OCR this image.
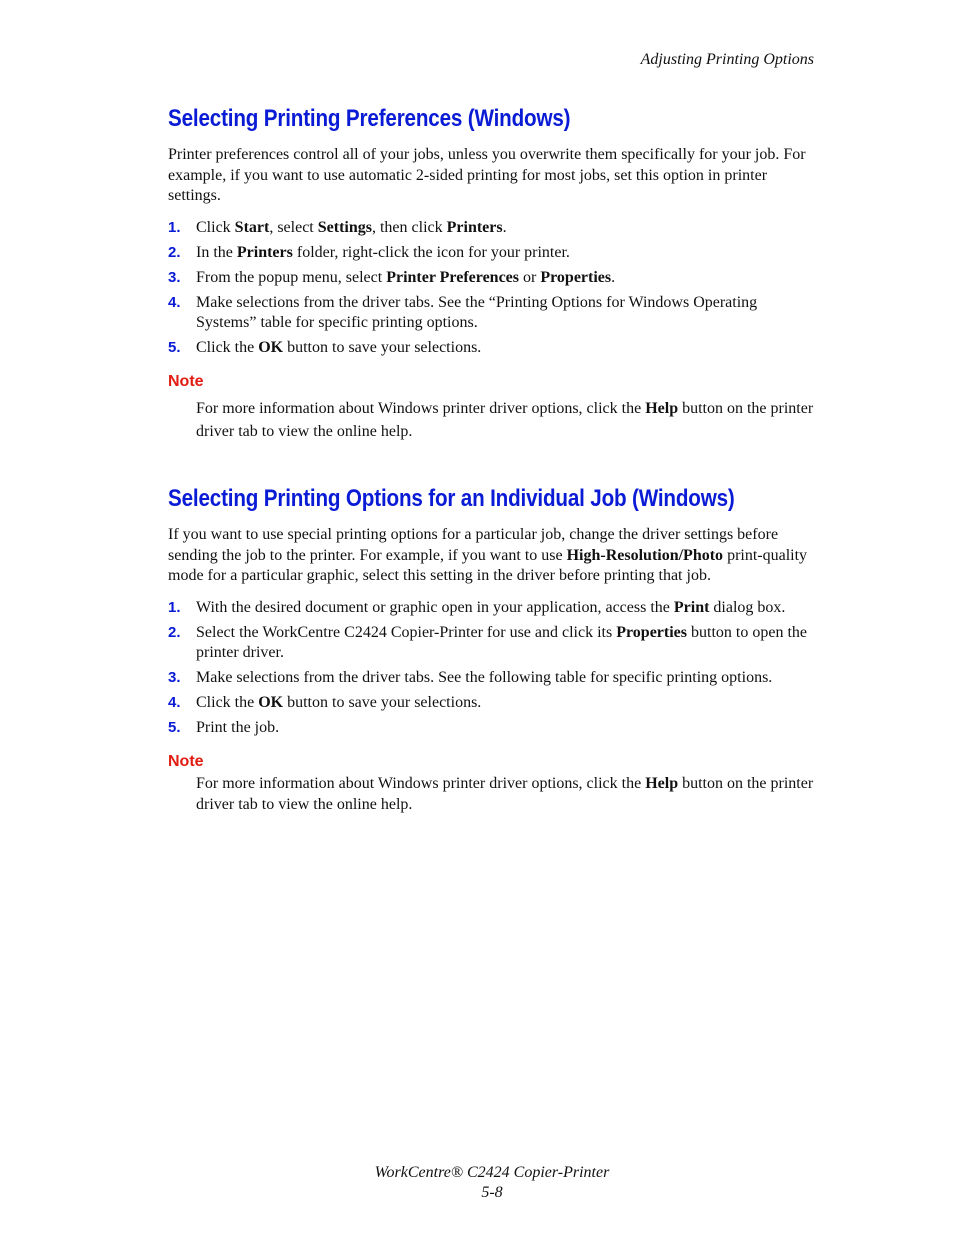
Adjusting Printing Options
Selecting Printing Preferences (Windows)

Printer preferences control all of your jobs, unless you overwrite them specifically for your job. For example, if you want to use automatic 2-sided printing for most jobs, set this option in printer settings.

1. Click Start, select Settings, then click Printers.
2. In the Printers folder, right-click the icon for your printer.
3. From the popup menu, select Printer Preferences or Properties.
4. Make selections from the driver tabs. See the “Printing Options for Windows Operating Systems” table for specific printing options.
5. Click the OK button to save your selections.
Note
For more information about Windows printer driver options, click the Help button on the printer driver tab to view the online help.
Selecting Printing Options for an Individual Job (Windows)

If you want to use special printing options for a particular job, change the driver settings before sending the job to the printer. For example, if you want to use High-Resolution/Photo print-quality mode for a particular graphic, select this setting in the driver before printing that job.

1. With the desired document or graphic open in your application, access the Print dialog box.
2. Select the WorkCentre C2424 Copier-Printer for use and click its Properties button to open the printer driver.
3. Make selections from the driver tabs. See the following table for specific printing options.
4. Click the OK button to save your selections.
5. Print the job.
Note
For more information about Windows printer driver options, click the Help button on the printer driver tab to view the online help.
WorkCentre® C2424 Copier-Printer
5-8
